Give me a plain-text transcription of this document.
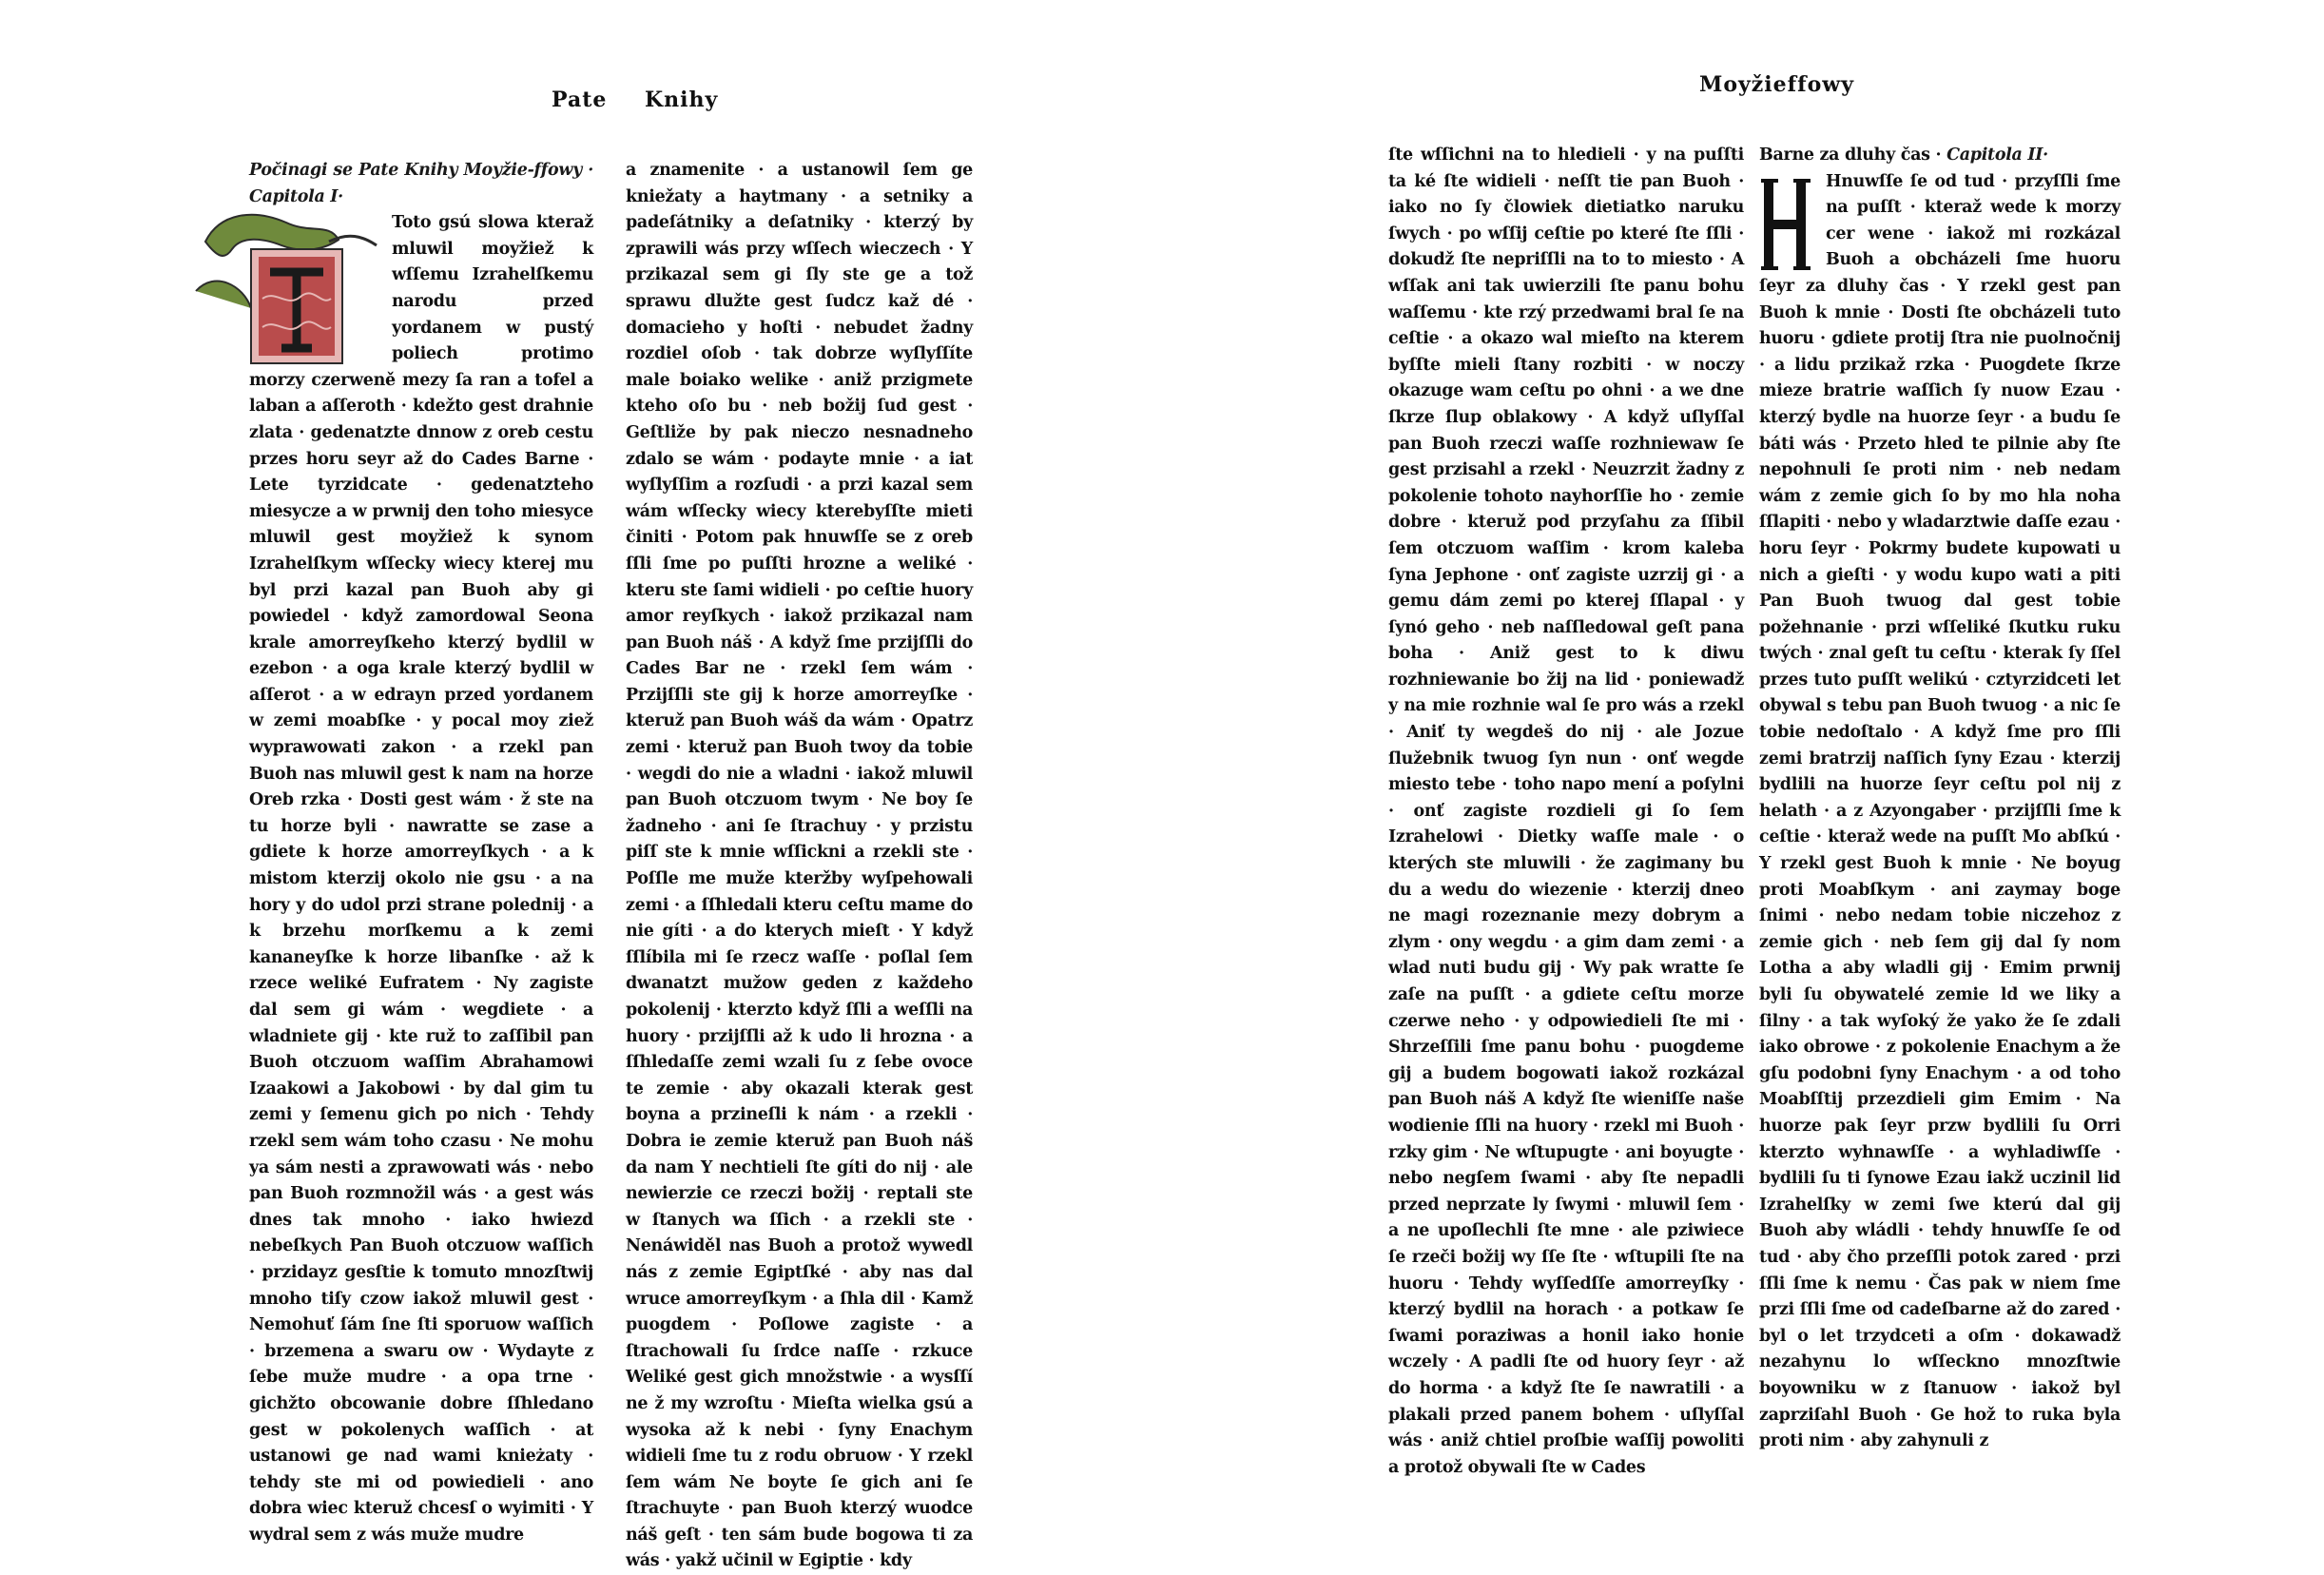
Pate Knihy
Počinagi se Pate Knihy Moyžie-ffowy · Capitola I·

Toto gsú slowa kteraž mluwil moyžiež k wſſemu Izrahelſkemu narodu przed yordanem w pustý poliech protimo morzy czerweně mezy ſa ran a tofel a laban a aſſeroth · kdežto gest drahnie zlata · gedenatzte dnnow z oreb cestu przes horu seyr až do Cades Barne · Lete tyrzidcate · gedenatzteho miesycze a w prwnij den toho miesyce mluwil gest moyžiež k synom Izrahelſkym wſſecky wiecy kterej mu byl przi kazal pan Buoh aby gi powiedel · když zamordowal Seona krale amorreyſkeho kterzý bydlil w ezebon · a oga krale kterzý bydlil w aſſerot · a w edrayn przed yordanem w zemi moabſke · y pocal moy ziež wyprawowati zakon · a rzekl pan Buoh nas mluwil gest k nam na horze Oreb rzka · Dosti gest wám · ž ste na tu horze byli · nawratte se zase a gdiete k horze amorreyſkych · a k mistom kterzij okolo nie gsu · a na hory y do udol przi strane polednij · a k brzehu morſkemu a k zemi kananeyſke k horze libanſke · až k rzece weliké Eufratem · Ny zagiste dal sem gi wám · wegdiete · a wladniete gij · kte ruž to zaſſibil pan Buoh otczuom waſſim Abrahamowi Izaakowi a Jakobowi · by dal gim tu zemi y ſemenu gich po nich · Tehdy rzekl sem wám toho czasu · Ne mohu ya sám nesti a zprawowati wás · nebo pan Buoh rozmnožil wás · a gest wás dnes tak mnoho · iako hwiezd nebeſkych Pan Buoh otczuow waſſich · przidayz gesſtie k tomuto mnozſtwij mnoho tiſy czow iakož mluwil gest · Nemohuť ſám ſne ſti sporuow waſſich · brzemena a swaru ow · Wydayte z ſebe muže mudre · a opa trne · gichžto obcowanie dobre ſſhledano gest w pokolenych waſſich · at ustanowi ge nad wami knieżaty · tehdy ste mi od powiedieli · ano dobra wiec kteruž chcesſ o wyimiti · Y wydral sem z wás muže mudre
a znamenite · a ustanowil ſem ge kniežaty a haytmany · a setniky a padeſátniky a deſatniky · kterzý by zprawili wás przy wſſech wieczech · Y przikazal sem gi ſly ste ge a tož sprawu dlužte gest ſudcz kaž dé · domacieho y hoſti · nebudet žadny rozdiel oſob · tak dobrze wyſlyſſíte male boiako welike · aniž przigmete kteho oſo bu · neb božij ſud gest · Geſtliže by pak nieczo nesnadneho zdalo se wám · podayte mnie · a iat wyſlyſſim a rozſudi · a przi kazal sem wám wſſecky wiecy kterebyſſte mieti činiti · Potom pak hnuwſſe se z oreb ſſli ſme po puſſti hrozne a weliké · kteru ste ſami widieli · po ceſtie huory amor reyſkych · iakož przikazal nam pan Buoh náš · A když ſme przijſſli do Cades Bar ne · rzekl ſem wám · Przijſſli ste gij k horze amorreyſke · kteruž pan Buoh wáš da wám · Opatrz zemi · kteruž pan Buoh twoy da tobie · wegdi do nie a wladni · iakož mluwil pan Buoh otczuom twym · Ne boy ſe žadneho · ani ſe ſtrachuy · y przistu piſſ ste k mnie wſſickni a rzekli ste · Poſſle me muže kteržby wyſpehowali zemi · a ſſhledali kteru ceſtu mame do nie gíti · a do kterych mieſt · Y když ſſlíbila mi ſe rzecz waſſe · poſlal ſem dwanatzt mužow geden z každeho pokolenij · kterzto když ſſli a weſſli na huory · przijſſli až k udo li hrozna · a ſſhledaſſe zemi wzali ſu z ſebe ovoce te zemie · aby okazali kterak gest boyna a przineſli k nám · a rzekli · Dobra ie zemie kteruž pan Buoh náš da nam Y nechtieli ſte gíti do nij · ale newierzie ce rzeczi božij · reptali ste w ſtanych wa ſſich · a rzekli ste · Nenáwiděl nas Buoh a protož wywedl nás z zemie Egiptſké · aby nas dal wruce amorreyſkym · a ſhla dil · Kamž puogdem · Poſlowe zagiste · a ſtrachowali ſu ſrdce naſſe · rzkuce Weliké gest gich množstwie · a wysſſí ne ž my wzroſtu · Mieſta wielka gsú a wysoka až k nebi · ſyny Enachym widieli ſme tu z rodu obruow · Y rzekl ſem wám Ne boyte ſe gich ani ſe ſtrachuyte · pan Buoh kterzý wuodce náš geſt · ten sám bude bogowa ti za wás · yakž učinil w Egiptie · kdy
Moyžieffowy
ſte wſſichni na to hledieli · y na puſſti ta ké ſte widieli · neſſt tie pan Buoh · iako no ſy člowiek dietiatko naruku ſwych · po wſſij ceſtie po které ſte ſſli · dokudž ſte nepriſſli na to to miesto · A wſſak ani tak uwierzili ſte panu bohu waſſemu · kte rzý przedwami bral ſe na ceſtie · a okazo wal mieſto na kterem byſſte mieli ſtany rozbiti · w noczy okazuge wam ceſtu po ohni · a we dne ſkrze ſlup oblakowy · A když uſlyſſal pan Buoh rzeczi waſſe rozhniewaw ſe gest przisahl a rzekl · Neuzrzit žadny z pokolenie tohoto nayhorſſie ho · zemie dobre · kteruž pod przyſahu za ſſibil ſem otczuom waſſim · krom kaleba ſyna Jephone · onť zagiste uzrzij gi · a gemu dám zemi po kterej ſſlapal · y ſynó geho · neb naſſledowal geſt pana boha · Aniž gest to k diwu rozhniewanie bo žij na lid · poniewadž y na mie rozhnie wal ſe pro wás a rzekl · Aniť ty wegdeš do nij · ale Jozue ſlužebnik twuog ſyn nun · onť wegde miesto tebe · toho napo mení a poſylni · onť zagiste rozdieli gi ſo ſem Izrahelowi · Dietky waſſe male · o kterých ste mluwili · že zagimany bu du a wedu do wiezenie · kterzij dneo ne magi rozeznanie mezy dobrym a zlym · ony wegdu · a gim dam zemi · a wlad nuti budu gij · Wy pak wratte ſe zaſe na puſſt · a gdiete ceſtu morze czerwe neho · y odpowiedieli ſte mi · Shrzeſſili ſme panu bohu · puogdeme gij a budem bogowati iakož rozkázal pan Buoh náš A když ſte wieniſſe naše wodienie ſſli na huory · rzekl mi Buoh · rzky gim · Ne wſtupugte · ani boyugte · nebo negſem ſwami · aby ſte nepadli przed neprzate ly ſwymi · mluwil ſem · a ne upoſlechli ſte mne · ale pziwiece ſe rzeči božij wy ſſe ſte · wſtupili ſte na huoru · Tehdy wyſſedſſe amorreyſky · kterzý bydlil na horach · a potkaw ſe ſwami poraziwas a honil iako honie wczely · A padli ſte od huory ſeyr · až do horma · a když ſte ſe nawratili · a plakali przed panem bohem · uſlyſſal wás · aniž chtiel proſbie waſſij powoliti a protož obywali ſte w Cades
Barne za dluhy čas · Capitola II·

Hnuwſſe ſe od tud · przyſſli ſme na puſſt · kteraž wede k morzy cer wene · iakož mi rozkázal Buoh a obcházeli ſme huoru ſeyr za dluhy čas · Y rzekl gest pan Buoh k mnie · Dosti ſte obcházeli tuto huoru · gdiete protij ſtra nie puolnočnij · a lidu przikaž rzka · Puogdete ſkrze mieze bratrie waſſich ſy nuow Ezau · kterzý bydle na huorze ſeyr · a budu ſe báti wás · Przeto hled te pilnie aby ſte nepohnuli ſe proti nim · neb nedam wám z zemie gich ſo by mo hla noha ſſlapiti · nebo y wladarztwie daſſe ezau · horu ſeyr · Pokrmy budete kupowati u nich a gieſti · y wodu kupo wati a piti Pan Buoh twuog dal gest tobie požehnanie · przi wſſeliké ſkutku ruku twých · znal geſt tu ceſtu · kterak ſy ſſel przes tuto puſſt welikú · cztyrzidceti let obywal s tebu pan Buoh twuog · a nic ſe tobie nedoſtalo · A když ſme pro ſſli zemi bratrzij naſſich ſyny Ezau · kterzij bydlili na huorze ſeyr ceſtu pol nij z helath · a z Azyongaber · przijſſli ſme k ceſtie · kteraž wede na puſſt Mo abſkú · Y rzekl gest Buoh k mnie · Ne boyug proti Moabſkym · ani zaymay boge ſnimi · nebo nedam tobie niczehoz z zemie gich · neb ſem gij dal ſy nom Lotha a aby wladli gij · Emim prwnij byli ſu obywatelé zemie ld we liky a ſilny · a tak wyſoký že yako že ſe zdali iako obrowe · z pokolenie Enachym a že gſu podobni ſyny Enachym · a od toho Moabſſtij przezdieli gim Emim · Na huorze pak ſeyr przw bydlili ſu Orri kterzto wyhnawſſe · a wyhladiwſſe · bydlili ſu ti ſynowe Ezau iakž uczinil lid Izrahelſky w zemi ſwe kterú dal gij Buoh aby wládli · tehdy hnuwſſe ſe od tud · aby čho przeſſli potok zared · przi ſſli ſme k nemu · Čas pak w niem ſme przi ſſli ſme od cadeſbarne až do zared · byl o let trzydceti a oſm · dokawadž nezahynu lo wſſeckno mnozſtwie boyowniku w z ſtanuow · iakož byl zaprziſahl Buoh · Ge hož to ruka byla proti nim · aby zahynuli z
